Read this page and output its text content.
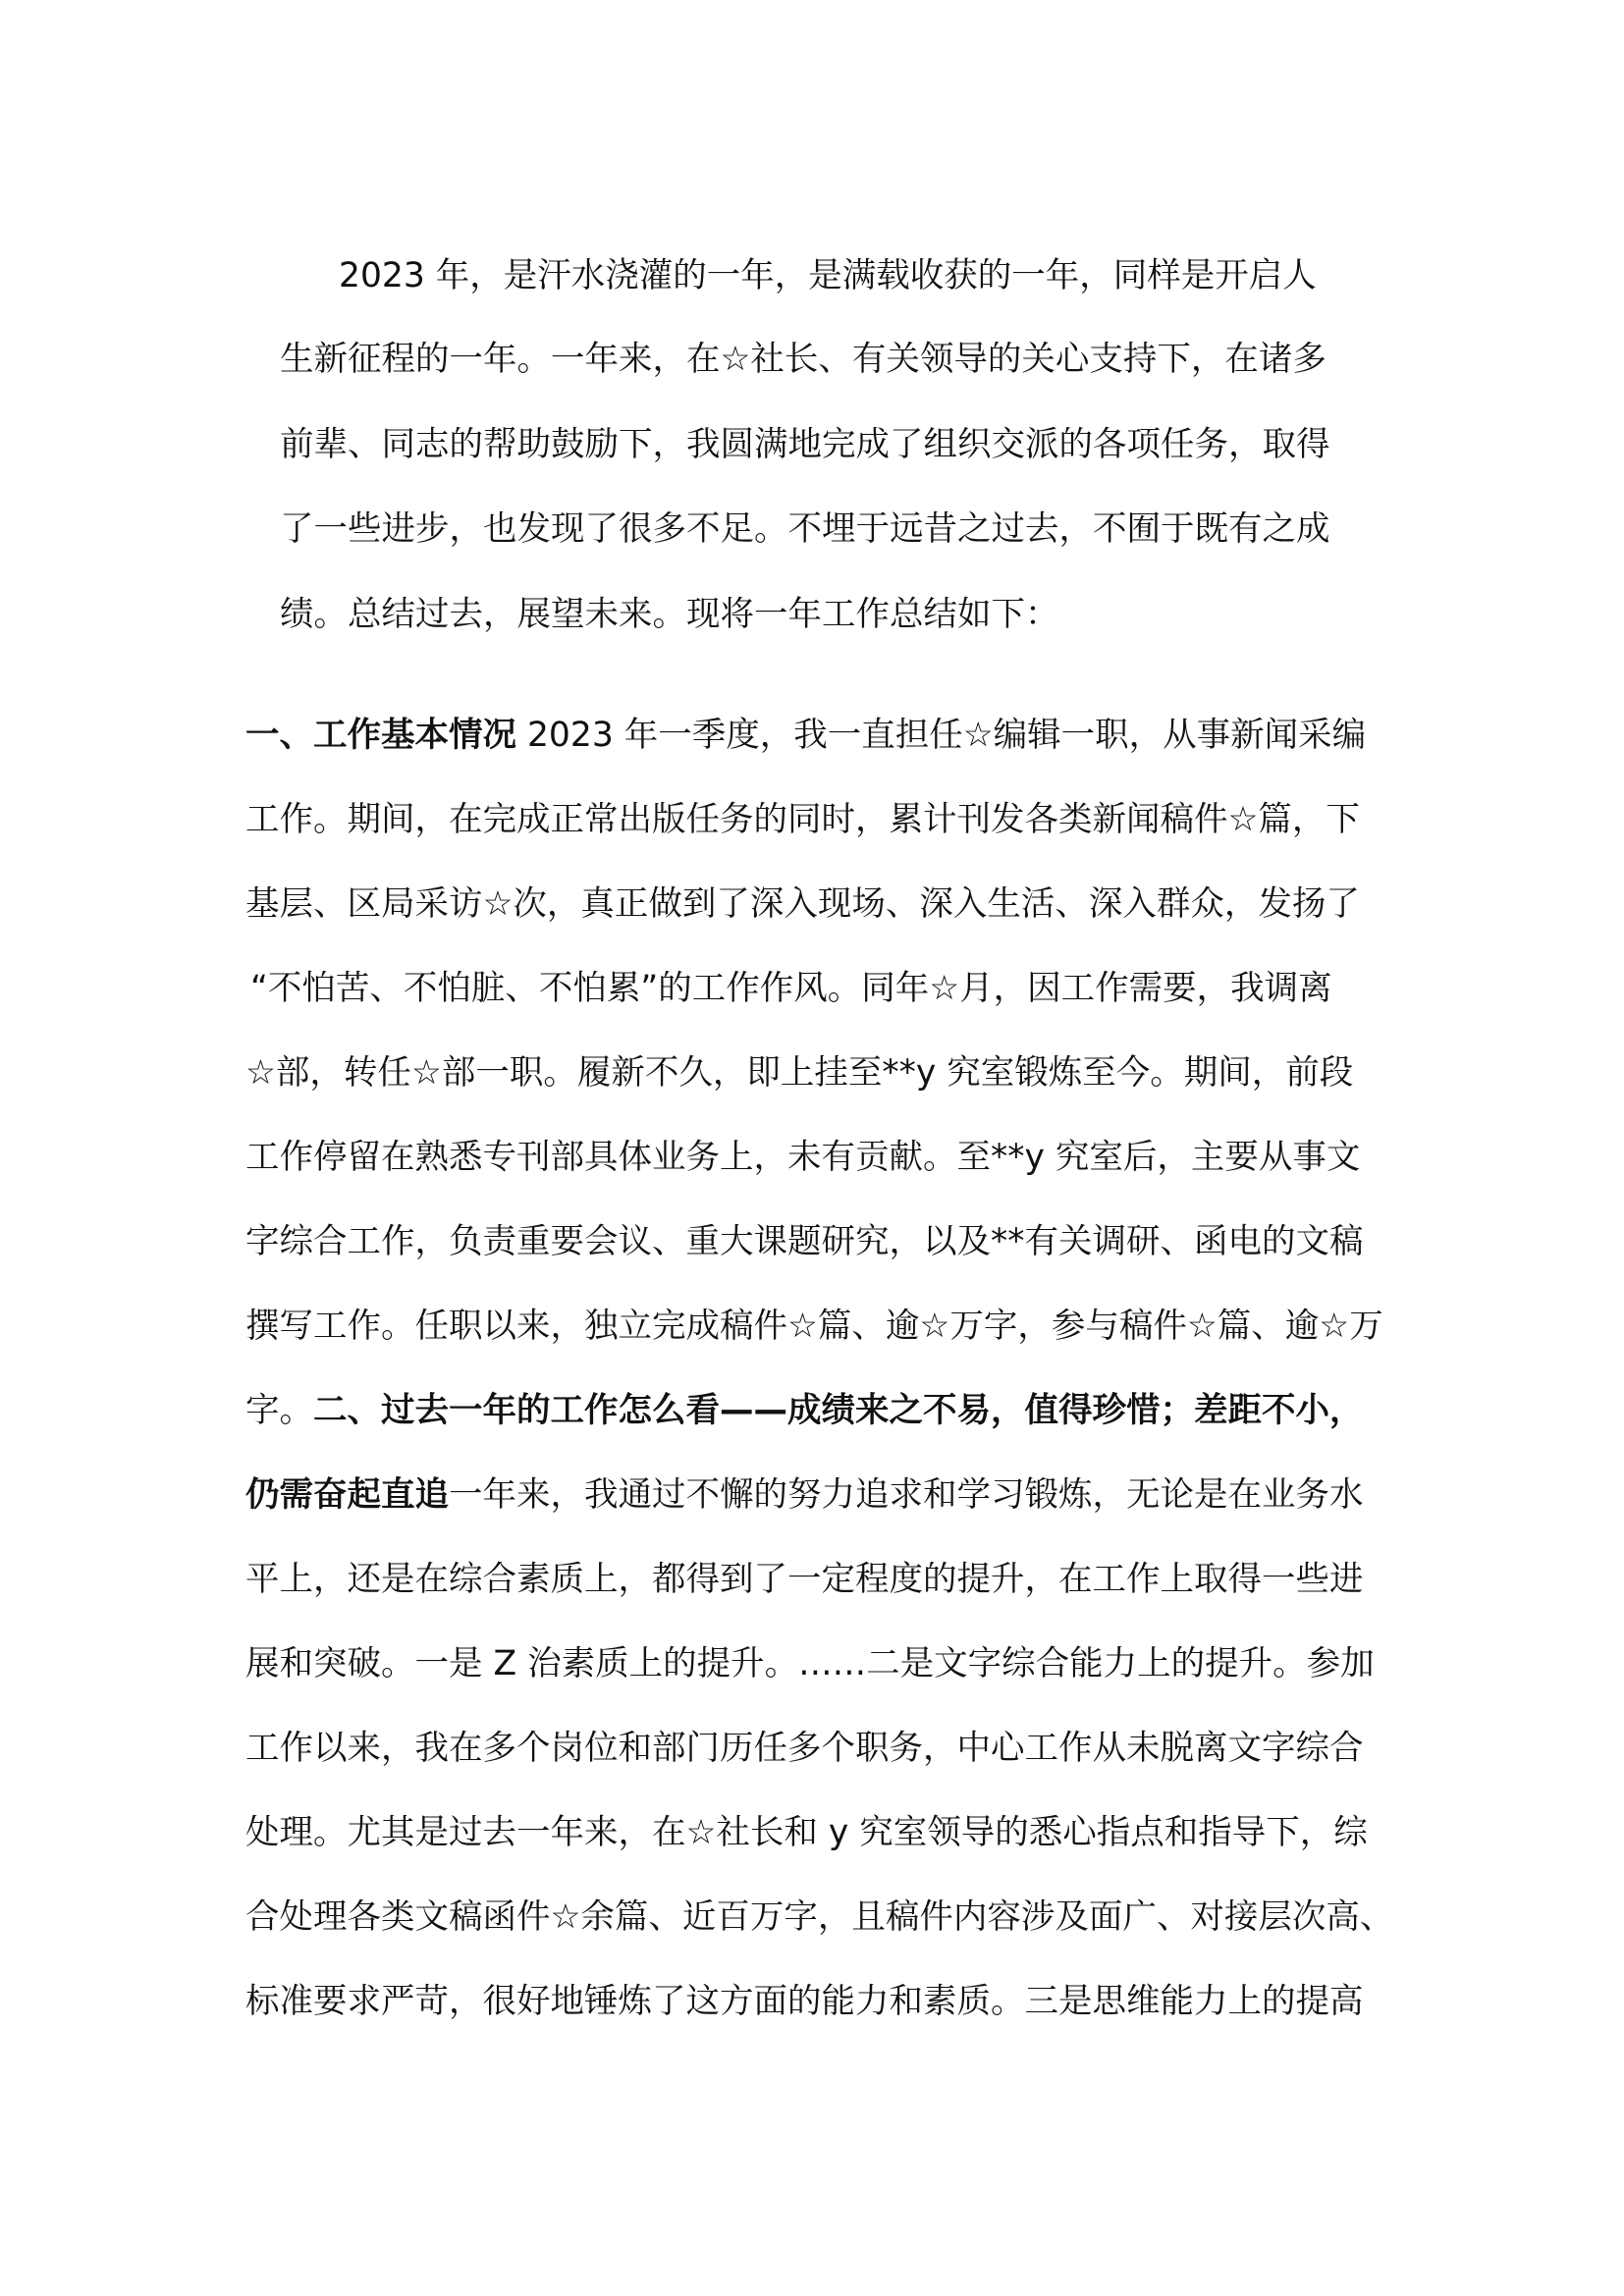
2023 年，是汗水浇灌的一年，是满载收获的一年，同样是开启人
生新征程的一年。一年来，在☆社长、有关领导的关心支持下，在诸多
前辈、同志的帮助鼓励下，我圆满地完成了组织交派的各项任务，取得
了一些进步，也发现了很多不足。不埋于远昔之过去，不囿于既有之成
绩。总结过去，展望未来。现将一年工作总结如下：
一、工作基本情况 2023 年一季度，我一直担任☆编辑一职，从事新闻采编
工作。期间，在完成正常出版任务的同时，累计刊发各类新闻稿件☆篇，下
基层、区局采访☆次，真正做到了深入现场、深入生活、深入群众，发扬了
“不怕苦、不怕脏、不怕累”的工作作风。同年☆月，因工作需要，我调离
☆部，转任☆部一职。履新不久，即上挂至**y 究室锻炼至今。期间，前段
工作停留在熟悉专刊部具体业务上，未有贡献。至**y 究室后，主要从事文
字综合工作，负责重要会议、重大课题研究，以及**有关调研、函电的文稿
撰写工作。任职以来，独立完成稿件☆篇、逾☆万字，参与稿件☆篇、逾☆万
字。二、过去一年的工作怎么看——成绩来之不易，值得珍惜；差距不小，
仍需奋起直追一年来，我通过不懈的努力追求和学习锻炼，无论是在业务水
平上，还是在综合素质上，都得到了一定程度的提升，在工作上取得一些进
展和突破。一是 Z 治素质上的提升。……二是文字综合能力上的提升。参加
工作以来，我在多个岗位和部门历任多个职务，中心工作从未脱离文字综合
处理。尤其是过去一年来，在☆社长和 y 究室领导的悉心指点和指导下，综
合处理各类文稿函件☆余篇、近百万字，且稿件内容涉及面广、对接层次高、
标准要求严苛，很好地锤炼了这方面的能力和素质。三是思维能力上的提高
